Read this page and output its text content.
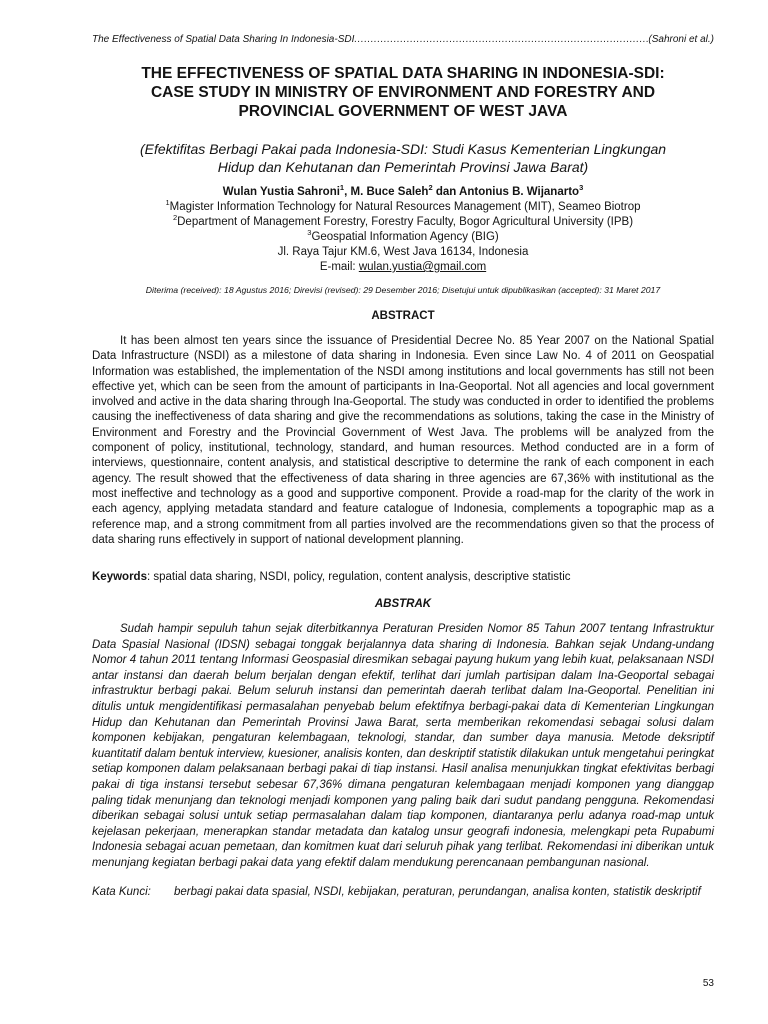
The Effectiveness of Spatial Data Sharing In Indonesia-SDI
.....	(Sahroni et al.)
THE EFFECTIVENESS OF SPATIAL DATA SHARING IN INDONESIA-SDI:
CASE STUDY IN MINISTRY OF ENVIRONMENT AND FORESTRY AND
PROVINCIAL GOVERNMENT OF WEST JAVA
(Efektifitas Berbagi Pakai pada Indonesia-SDI: Studi Kasus Kementerian Lingkungan
Hidup dan Kehutanan dan Pemerintah Provinsi Jawa Barat)
Wulan Yustia Sahroni$^1$, M. Buce Saleh$^2$ dan Antonius B. Wijanarto$^3$
$^1$Magister Information Technology for Natural Resources Management (MIT), Seameo Biotrop
$^2$Department of Management Forestry, Forestry Faculty, Bogor Agricultural University (IPB)
$^3$Geospatial Information Agency (BIG)
Jl. Raya Tajur KM.6, West Java 16134, Indonesia
E-mail: wulan.yustia@gmail.com
Diterima (received): 18 Agustus 2016; Direvisi (revised): 29 Desember 2016; Disetujui untuk dipublikasikan (accepted): 31 Maret 2017
ABSTRACT
It has been almost ten years since the issuance of Presidential Decree No. 85 Year 2007 on the National Spatial Data Infrastructure (NSDI) as a milestone of data sharing in Indonesia. Even since Law No. 4 of 2011 on Geospatial Information was established, the implementation of the NSDI among institutions and local governments has still not been effective yet, which can be seen from the amount of participants in Ina-Geoportal. Not all agencies and local government involved and active in the data sharing through Ina-Geoportal. The study was conducted in order to identified the problems causing the ineffectiveness of data sharing and give the recommendations as solutions, taking the case in the Ministry of Environment and Forestry and the Provincial Government of West Java. The problems will be analyzed from the component of policy, institutional, technology, standard, and human resources. Method conducted are in a form of interviews, questionnaire, content analysis, and statistical descriptive to determine the rank of each component in each agency. The result showed that the effectiveness of data sharing in three agencies are 67,36% with institutional as the most ineffective and technology as a good and supportive component. Provide a road-map for the clarity of the work in each agency, applying metadata standard and feature catalogue of Indonesia, complements a topographic map as a reference map, and a strong commitment from all parties involved are the recommendations given so that the process of data sharing runs effectively in support of national development planning.
Keywords: spatial data sharing, NSDI, policy, regulation, content analysis, descriptive statistic
ABSTRAK
Sudah hampir sepuluh tahun sejak diterbitkannya Peraturan Presiden Nomor 85 Tahun 2007 tentang Infrastruktur Data Spasial Nasional (IDSN) sebagai tonggak berjalannya data sharing di Indonesia. Bahkan sejak Undang-undang Nomor 4 tahun 2011 tentang Informasi Geospasial diresmikan sebagai payung hukum yang lebih kuat, pelaksanaan NSDI antar instansi dan daerah belum berjalan dengan efektif, terlihat dari jumlah partisipan dalam Ina-Geoportal sebagai infrastruktur berbagi pakai. Belum seluruh instansi dan pemerintah daerah terlibat dalam Ina-Geoportal. Penelitian ini ditulis untuk mengidentifikasi permasalahan penyebab belum efektifnya berbagi-pakai data di Kementerian Lingkungan Hidup dan Kehutanan dan Pemerintah Provinsi Jawa Barat, serta memberikan rekomendasi sebagai solusi dalam komponen kebijakan, pengaturan kelembagaan, teknologi, standar, dan sumber daya manusia. Metode deksriptif kuantitatif dalam bentuk interview, kuesioner, analisis konten, dan deskriptif statistik dilakukan untuk mengetahui peringkat setiap komponen dalam pelaksanaan berbagi pakai di tiap instansi. Hasil analisa menunjukkan tingkat efektivitas berbagi pakai di tiga instansi tersebut sebesar 67,36% dimana pengaturan kelembagaan menjadi komponen yang dianggap paling tidak menunjang dan teknologi menjadi komponen yang paling baik dari sudut pandang pengguna. Rekomendasi diberikan sebagai solusi untuk setiap permasalahan dalam tiap komponen, diantaranya perlu adanya road-map untuk kejelasan pekerjaan, menerapkan standar metadata dan katalog unsur geografi indonesia, melengkapi peta Rupabumi Indonesia sebagai acuan pemetaan, dan komitmen kuat dari seluruh pihak yang terlibat. Rekomendasi ini diberikan untuk menunjang kegiatan berbagi pakai data yang efektif dalam mendukung perencanaan pembangunan nasional.
Kata Kunci:	berbagi pakai data spasial, NSDI, kebijakan, peraturan, perundangan, analisa konten, statistik deskriptif
53
